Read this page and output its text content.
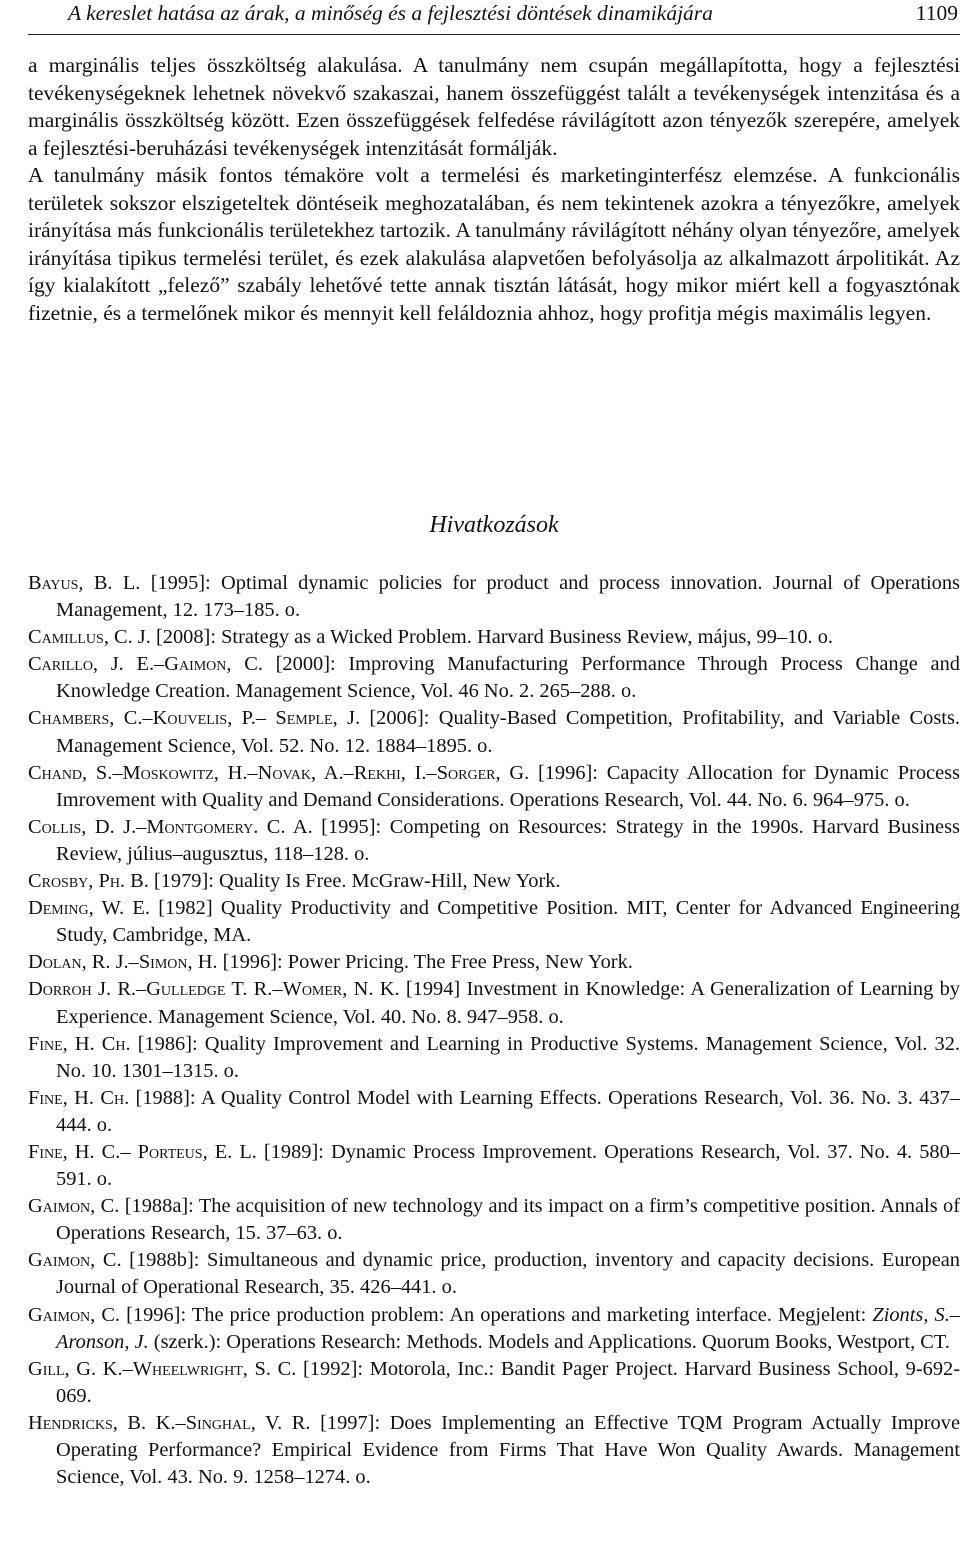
A kereslet hatása az árak, a minőség és a fejlesztési döntések dinamikájára	1109

a marginális teljes összköltség alakulása. A tanulmány nem csupán megállapította, hogy a fejlesztési tevékenységeknek lehetnek növekvő szakaszai, hanem összefüggést talált a tevékenységek intenzitása és a marginális összköltség között. Ezen összefüggések felfedése rávilágított azon tényezők szerepére, amelyek a fejlesztési-beruházási tevékenységek intenzitását formálják.

A tanulmány másik fontos témaköre volt a termelési és marketinginterfész elemzése. A funkcionális területek sokszor elszigeteltek döntéseik meghozatalában, és nem tekintenek azokra a tényezőkre, amelyek irányítása más funkcionális területekhez tartozik. A tanulmány rávilágított néhány olyan tényezőre, amelyek irányítása tipikus termelési terület, és ezek alakulása alapvetően befolyásolja az alkalmazott árpolitikát. Az így kialakított „felező” szabály lehetővé tette annak tisztán látását, hogy mikor miért kell a fogyasztónak fizetnie, és a termelőnek mikor és mennyit kell feláldoznia ahhoz, hogy profitja mégis maximális legyen.

Hivatkozások
Bayus, B. L. [1995]: Optimal dynamic policies for product and process innovation. Journal of Operations Management, 12. 173–185. o.
Camillus, C. J. [2008]: Strategy as a Wicked Problem. Harvard Business Review, május, 99–10. o.
Carillo, J. E.–Gaimon, C. [2000]: Improving Manufacturing Performance Through Process Change and Knowledge Creation. Management Science, Vol. 46 No. 2. 265–288. o.
Chambers, C.–Kouvelis, P.– Semple, J. [2006]: Quality-Based Competition, Profitability, and Variable Costs. Management Science, Vol. 52. No. 12. 1884–1895. o.
Chand, S.–Moskowitz, H.–Novak, A.–Rekhi, I.–Sorger, G. [1996]: Capacity Allocation for Dynamic Process Imrovement with Quality and Demand Considerations. Operations Research, Vol. 44. No. 6. 964–975. o.
Collis, D. J.–Montgomery. C. A. [1995]: Competing on Resources: Strategy in the 1990s. Harvard Business Review, július–augusztus, 118–128. o.
Crosby, Ph. B. [1979]: Quality Is Free. McGraw-Hill, New York.
Deming, W. E. [1982] Quality Productivity and Competitive Position. MIT, Center for Advanced Engineering Study, Cambridge, MA.
Dolan, R. J.–Simon, H. [1996]: Power Pricing. The Free Press, New York.
Dorroh J. R.–Gulledge T. R.–Womer, N. K. [1994] Investment in Knowledge: A Generalization of Learning by Experience. Management Science, Vol. 40. No. 8. 947–958. o.
Fine, H. Ch. [1986]: Quality Improvement and Learning in Productive Systems. Management Science, Vol. 32. No. 10. 1301–1315. o.
Fine, H. Ch. [1988]: A Quality Control Model with Learning Effects. Operations Research, Vol. 36. No. 3. 437–444. o.
Fine, H. C.– Porteus, E. L. [1989]: Dynamic Process Improvement. Operations Research, Vol. 37. No. 4. 580–591. o.
Gaimon, C. [1988a]: The acquisition of new technology and its impact on a firm’s competitive position. Annals of Operations Research, 15. 37–63. o.
Gaimon, C. [1988b]: Simultaneous and dynamic price, production, inventory and capacity decisions. European Journal of Operational Research, 35. 426–441. o.
Gaimon, C. [1996]: The price production problem: An operations and marketing interface. Megjelent: Zionts, S.–Aronson, J. (szerk.): Operations Research: Methods. Models and Applications. Quorum Books, Westport, CT.
Gill, G. K.–Wheelwright, S. C. [1992]: Motorola, Inc.: Bandit Pager Project. Harvard Business School, 9-692-069.
Hendricks, B. K.–Singhal, V. R. [1997]: Does Implementing an Effective TQM Program Actually Improve Operating Performance? Empirical Evidence from Firms That Have Won Quality Awards. Management Science, Vol. 43. No. 9. 1258–1274. o.
